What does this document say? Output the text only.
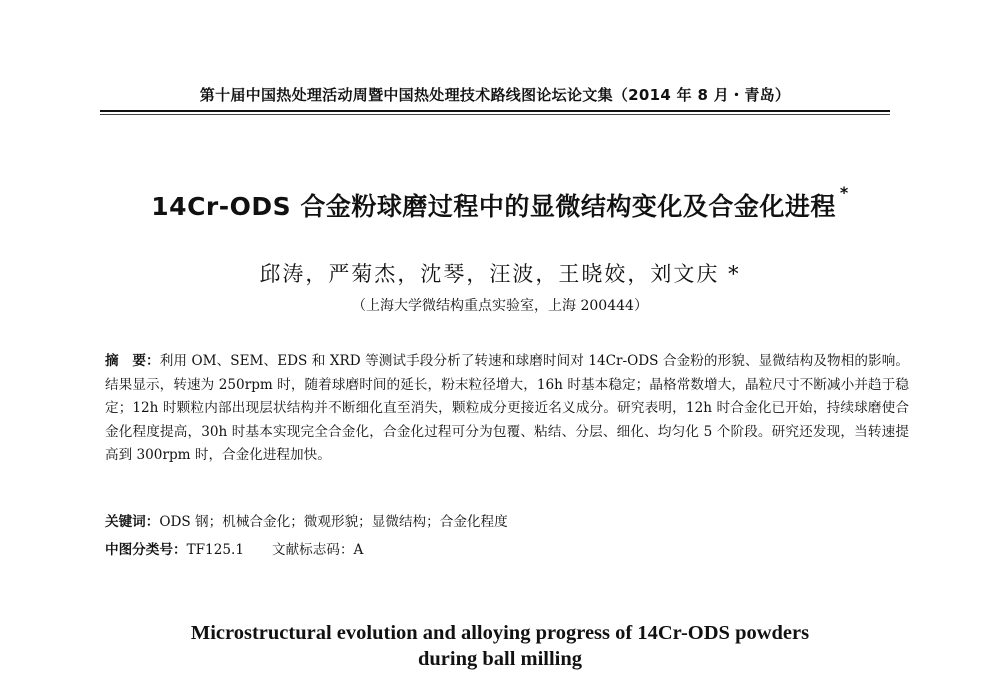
第十届中国热处理活动周暨中国热处理技术路线图论坛论文集（2014 年 8 月・青岛）
14Cr-ODS 合金粉球磨过程中的显微结构变化及合金化进程 *
邱涛，严菊杰，沈琴，汪波，王晓姣，刘文庆 *
（上海大学微结构重点实验室，上海 200444）
摘　要：利用 OM、SEM、EDS 和 XRD 等测试手段分析了转速和球磨时间对 14Cr-ODS 合金粉的形貌、显微结构及物相的影响。结果显示，转速为 250rpm 时，随着球磨时间的延长，粉末粒径增大，16h 时基本稳定；晶格常数增大，晶粒尺寸不断减小并趋于稳定；12h 时颗粒内部出现层状结构并不断细化直至消失，颗粒成分更接近名义成分。研究表明，12h 时合金化已开始，持续球磨使合金化程度提高，30h 时基本实现完全合金化，合金化过程可分为包覆、粘结、分层、细化、均匀化 5 个阶段。研究还发现，当转速提高到 300rpm 时，合金化进程加快。
关键词：ODS 钢；机械合金化；微观形貌；显微结构；合金化程度
中图分类号：TF125.1 文献标志码：A
Microstructural evolution and alloying progress of 14Cr-ODS powders
during ball milling
